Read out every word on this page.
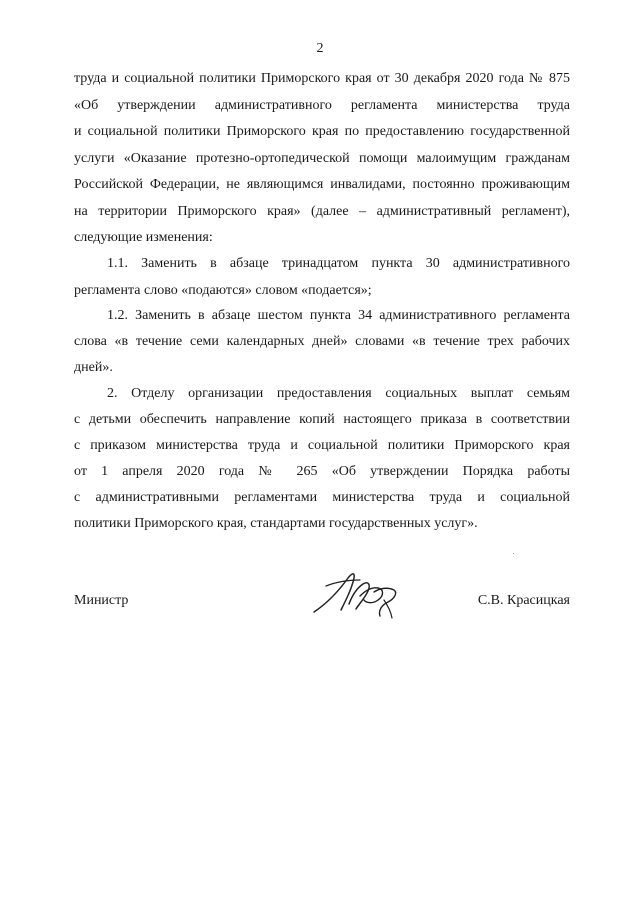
2
труда и социальной политики Приморского края от 30 декабря 2020 года № 875
«Об утверждении административного регламента министерства труда
и социальной политики Приморского края по предоставлению государственной
услуги «Оказание протезно-ортопедической помощи малоимущим гражданам
Российской Федерации, не являющимся инвалидами, постоянно проживающим
на территории Приморского края» (далее – административный регламент),
следующие изменения:
1.1. Заменить в абзаце тринадцатом пункта 30 административного
регламента слово «подаются» словом «подается»;
1.2. Заменить в абзаце шестом пункта 34 административного регламента
слова «в течение семи календарных дней» словами «в течение трех рабочих
дней».
2. Отделу организации предоставления социальных выплат семьям
с детьми обеспечить направление копий настоящего приказа в соответствии
с приказом министерства труда и социальной политики Приморского края
от 1 апреля 2020 года № 265 «Об утверждении Порядка работы
с административными регламентами министерства труда и социальной
политики Приморского края, стандартами государственных услуг».
Министр	С.В. Красицкая
